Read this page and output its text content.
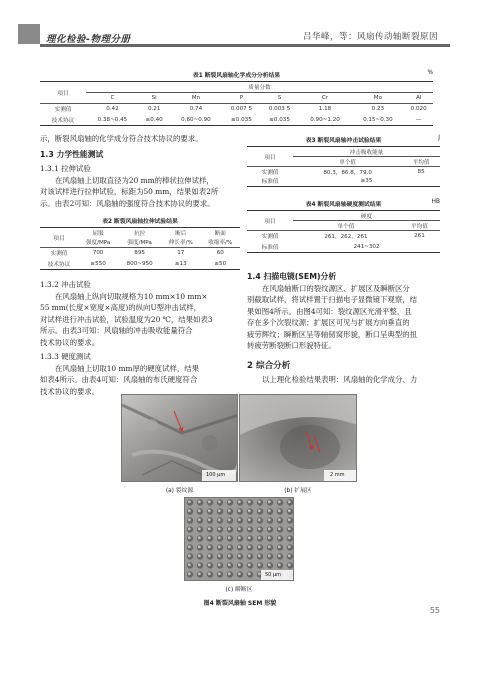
理化检验-物理分册	吕华峰，等：风扇传动轴断裂原因
表1 断裂风扇轴化学成分分析结果	%
项目	质量分数							
	C	Si	Mn	P	S	Cr	Mo	Al
实测值	0.42	0.21	0.74	0.007 5	0.003 5	1.18	0.23	0.020
技术协议	0.38~0.45	≤0.40	0.60~0.90	≤0.035	≤0.035	0.90~1.20	0.15~0.30	—
示，断裂风扇轴的化学成分符合技术协议的要求。
1.3 力学性能测试
1.3.1 拉伸试验
在风扇轴上切取直径为20 mm的棒状拉伸试样，
对该试样进行拉伸试验，标距为50 mm，结果如表2所
示。由表2可知：风扇轴的强度符合技术协议的要求。
表2 断裂风扇轴拉伸试验结果
项目	屈服	抗拉	断后	断面
	强度/MPa	强度/MPa	伸长率/%	收缩率/%
实测值	700	895	17	60
技术协议	≥550	800~950	≥13	≥50
1.3.2 冲击试验
在风扇轴上纵向切取规格为10 mm×10 mm×
55 mm(长度×宽度×高度)的纵向U型冲击试样，
对试样进行冲击试验，试验温度为20 ℃，结果如表3
所示。由表3可知：风扇轴的冲击吸收能量符合
技术协议的要求。
1.3.3 硬度测试
在风扇轴上切取10 mm厚的硬度试样，结果
如表4所示。由表4可知：风扇轴的布氏硬度符合
技术协议的要求。
表3 断裂风扇轴冲击试验结果	J
项目	冲击吸收能量	
	单个值	平均值
实测值	80.3，86.8，79.0	85
标准值	≥35	
表4 断裂风扇轴硬度测试结果	HB
项目	硬度	
	单个值	平均值
实测值	261，262，261	261
标准值	241~302	
1.4 扫描电镜(SEM)分析
在风扇轴断口的裂纹源区、扩展区及瞬断区分
别截取试样，将试样置于扫描电子显微镜下观察，结
果如图4所示。由图4可知：裂纹源区光滑平整，且
存在多个次裂纹源；扩展区可见与扩展方向垂直的
疲劳辉纹；瞬断区呈等轴韧窝形貌，断口呈典型的扭
转疲劳断裂断口形貌特征。
2 综合分析
以上理化检验结果表明：风扇轴的化学成分、力
100 μm	2 mm
(a) 裂纹源	(b) 扩展区
50 μm
(c) 瞬断区
图4 断裂风扇轴 SEM 形貌
55
